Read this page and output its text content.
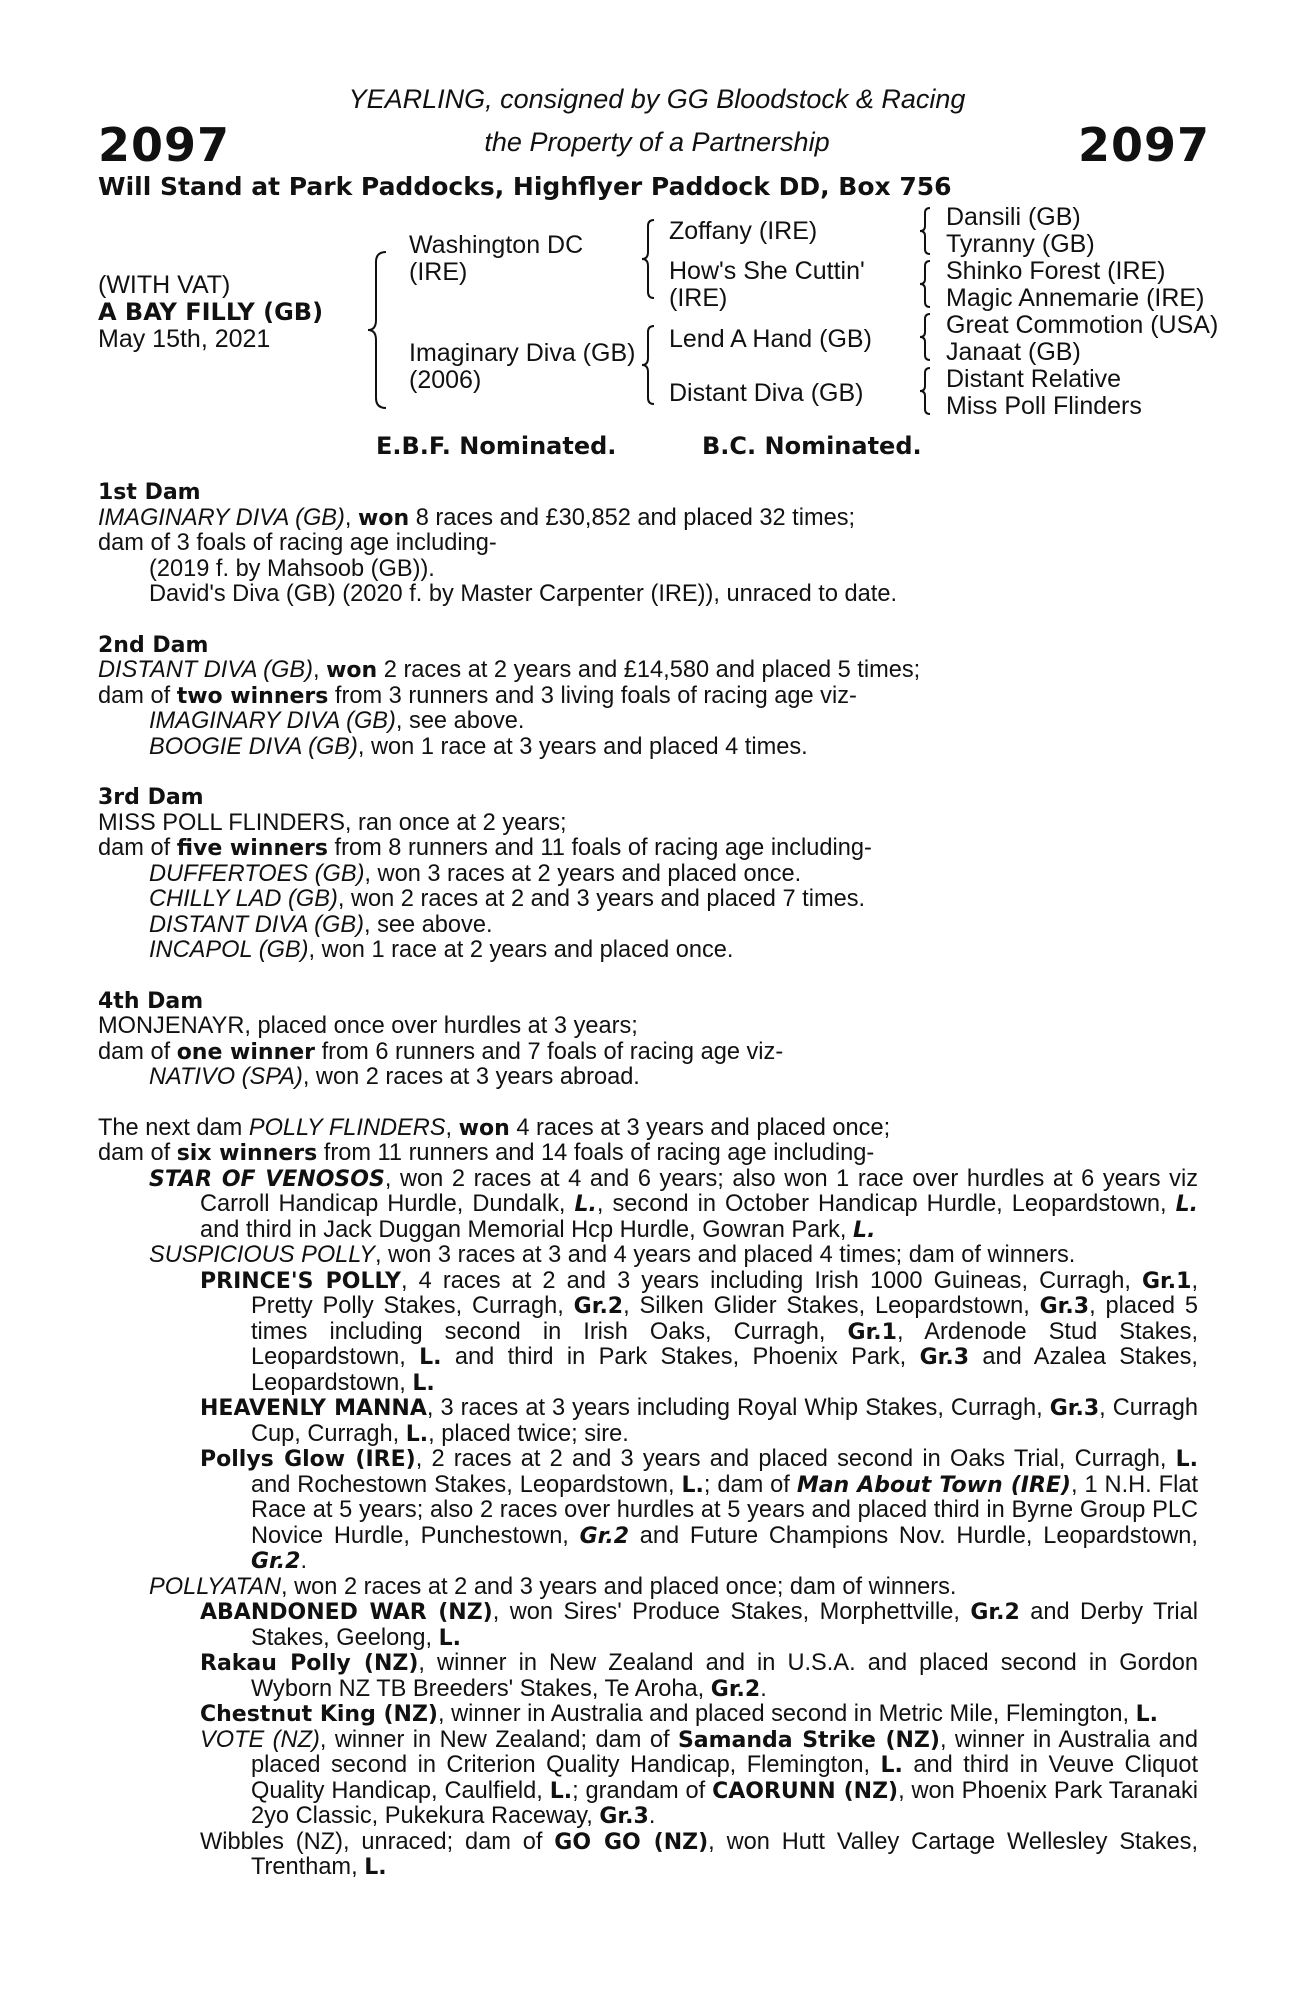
2097	2097
YEARLING, consigned by GG Bloodstock & Racing
the Property of a Partnership
Will Stand at Park Paddocks, Highflyer Paddock DD, Box 756
(WITH VAT)
A BAY FILLY (GB)
May 15th, 2021
Washington DC
(IRE)
Imaginary Diva (GB)
(2006)
Zoffany (IRE)
How's She Cuttin'
(IRE)
Lend A Hand (GB)
Distant Diva (GB)
Dansili (GB)
Tyranny (GB)
Shinko Forest (IRE)
Magic Annemarie (IRE)
Great Commotion (USA)
Janaat (GB)
Distant Relative
Miss Poll Flinders
E.B.F. Nominated.	B.C. Nominated.

1st Dam

IMAGINARY DIVA (GB), won 8 races and £30,852 and placed 32 times;

dam of 3 foals of racing age including-

(2019 f. by Mahsoob (GB)).

David's Diva (GB) (2020 f. by Master Carpenter (IRE)), unraced to date.

2nd Dam

DISTANT DIVA (GB), won 2 races at 2 years and £14,580 and placed 5 times;

dam of two winners from 3 runners and 3 living foals of racing age viz-

IMAGINARY DIVA (GB), see above.

BOOGIE DIVA (GB), won 1 race at 3 years and placed 4 times.

3rd Dam

MISS POLL FLINDERS, ran once at 2 years;

dam of five winners from 8 runners and 11 foals of racing age including-

DUFFERTOES (GB), won 3 races at 2 years and placed once.

CHILLY LAD (GB), won 2 races at 2 and 3 years and placed 7 times.

DISTANT DIVA (GB), see above.

INCAPOL (GB), won 1 race at 2 years and placed once.

4th Dam

MONJENAYR, placed once over hurdles at 3 years;

dam of one winner from 6 runners and 7 foals of racing age viz-

NATIVO (SPA), won 2 races at 3 years abroad.

The next dam POLLY FLINDERS, won 4 races at 3 years and placed once;

dam of six winners from 11 runners and 14 foals of racing age including-

STAR OF VENOSOS, won 2 races at 4 and 6 years; also won 1 race over hurdles at 6 years viz Carroll Handicap Hurdle, Dundalk, L., second in October Handicap Hurdle, Leopardstown, L. and third in Jack Duggan Memorial Hcp Hurdle, Gowran Park, L.

SUSPICIOUS POLLY, won 3 races at 3 and 4 years and placed 4 times; dam of winners.

PRINCE'S POLLY, 4 races at 2 and 3 years including Irish 1000 Guineas, Curragh, Gr.1, Pretty Polly Stakes, Curragh, Gr.2, Silken Glider Stakes, Leopardstown, Gr.3, placed 5 times including second in Irish Oaks, Curragh, Gr.1, Ardenode Stud Stakes, Leopardstown, L. and third in Park Stakes, Phoenix Park, Gr.3 and Azalea Stakes, Leopardstown, L.

HEAVENLY MANNA, 3 races at 3 years including Royal Whip Stakes, Curragh, Gr.3, Curragh Cup, Curragh, L., placed twice; sire.

Pollys Glow (IRE), 2 races at 2 and 3 years and placed second in Oaks Trial, Curragh, L. and Rochestown Stakes, Leopardstown, L.; dam of Man About Town (IRE), 1 N.H. Flat Race at 5 years; also 2 races over hurdles at 5 years and placed third in Byrne Group PLC Novice Hurdle, Punchestown, Gr.2 and Future Champions Nov. Hurdle, Leopardstown, Gr.2.

POLLYATAN, won 2 races at 2 and 3 years and placed once; dam of winners.

ABANDONED WAR (NZ), won Sires' Produce Stakes, Morphettville, Gr.2 and Derby Trial Stakes, Geelong, L.

Rakau Polly (NZ), winner in New Zealand and in U.S.A. and placed second in Gordon Wyborn NZ TB Breeders' Stakes, Te Aroha, Gr.2.

Chestnut King (NZ), winner in Australia and placed second in Metric Mile, Flemington, L.

VOTE (NZ), winner in New Zealand; dam of Samanda Strike (NZ), winner in Australia and placed second in Criterion Quality Handicap, Flemington, L. and third in Veuve Cliquot Quality Handicap, Caulfield, L.; grandam of CAORUNN (NZ), won Phoenix Park Taranaki 2yo Classic, Pukekura Raceway, Gr.3.

Wibbles (NZ), unraced; dam of GO GO (NZ), won Hutt Valley Cartage Wellesley Stakes, Trentham, L.
